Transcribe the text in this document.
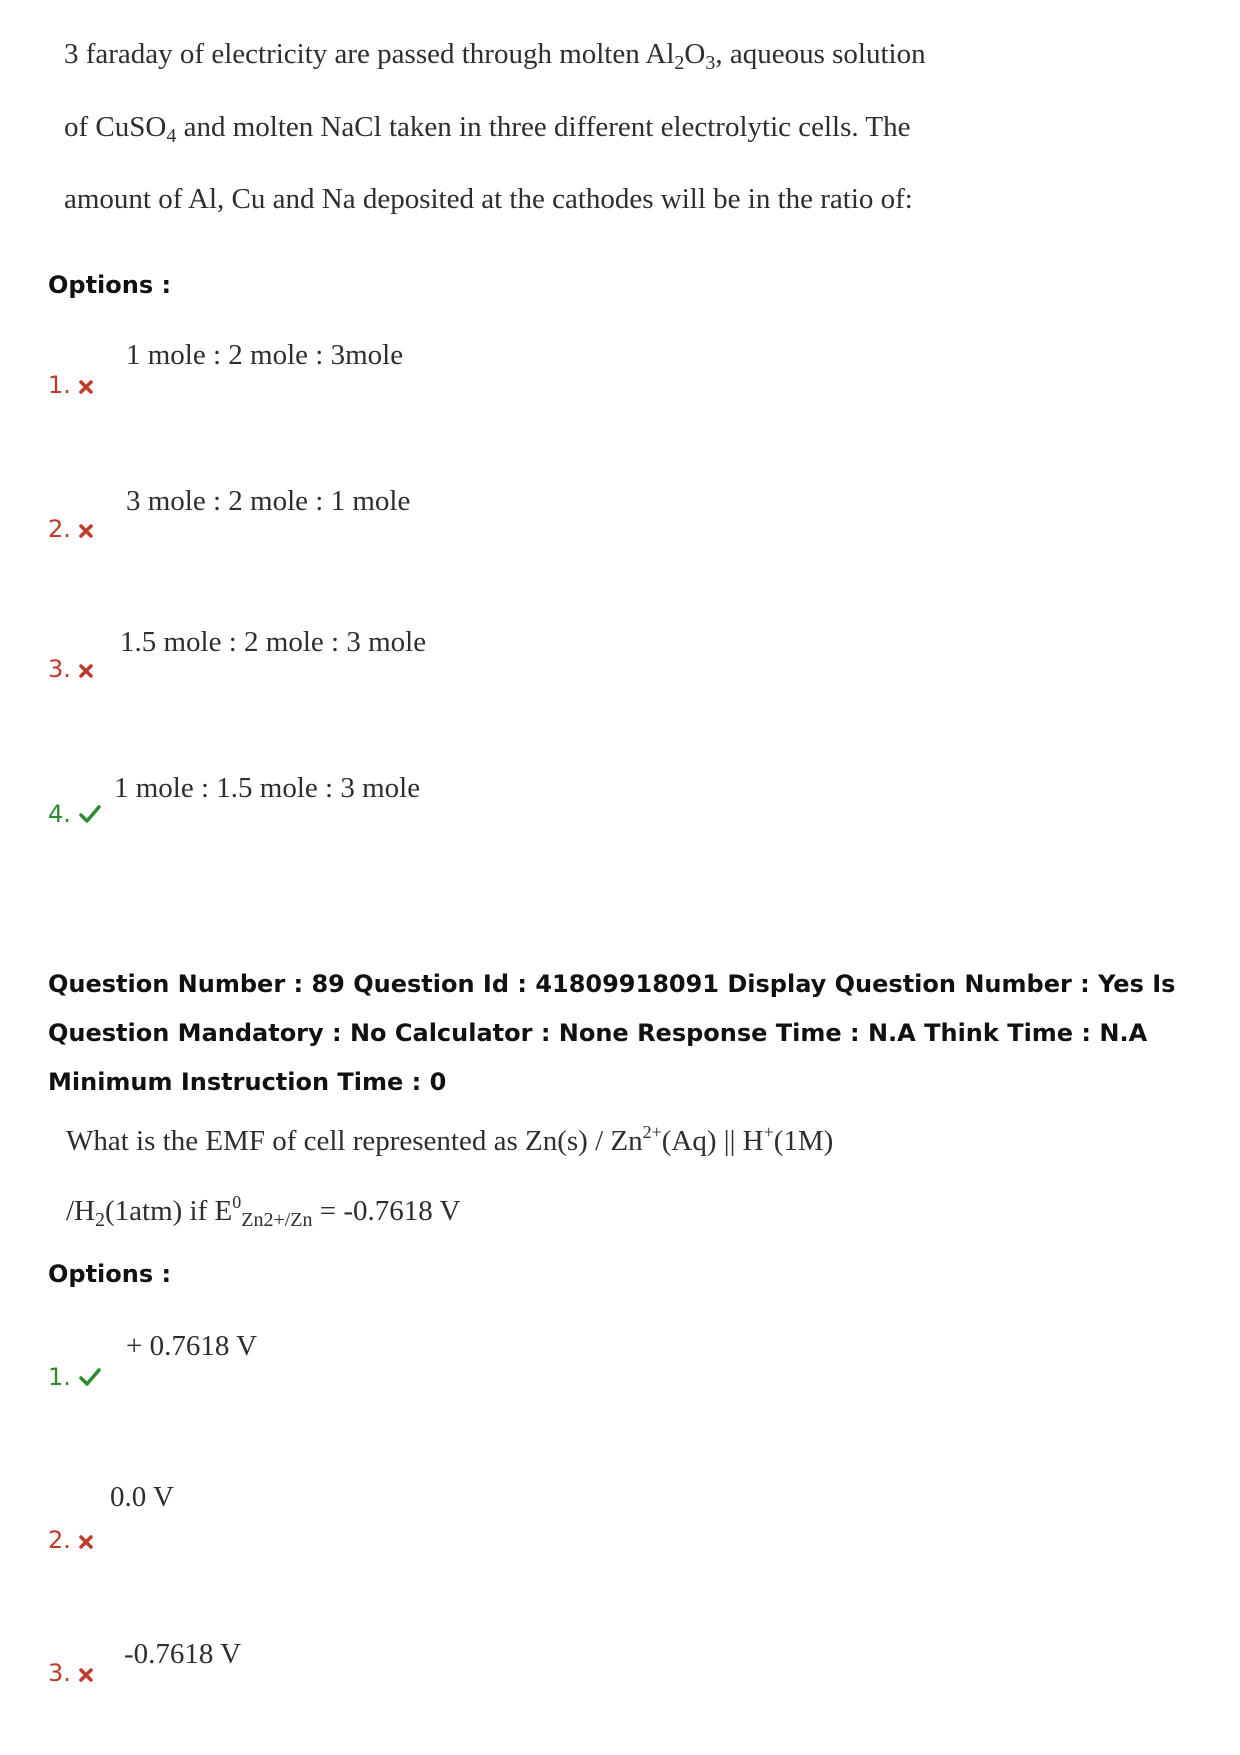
3 faraday of electricity are passed through molten $Al_2O_3$, aqueous solution
of CuSO$_4$ and molten NaCl taken in three different electrolytic cells. The
amount of Al, Cu and Na deposited at the cathodes will be in the ratio of:
Options :
1 mole : 2 mole : 3mole
1.
3 mole : 2 mole : 1 mole
2.
1.5 mole : 2 mole : 3 mole
3.
1 mole : 1.5 mole : 3 mole
4.
Question Number : 89 Question Id : 41809918091 Display Question Number : Yes Is Question Mandatory : No Calculator : None Response Time : N.A Think Time : N.A Minimum Instruction Time : 0
What is the EMF of cell represented as $Zn(s) / Zn^{2+}(Aq)$ || H+(1M)
$/H_2(1atm)$ if $E^0_{Zn2+/Zn} = -0.7618$ V
Options :
+ 0.7618 V
1.
0.0 V
2.
-0.7618 V
3.
